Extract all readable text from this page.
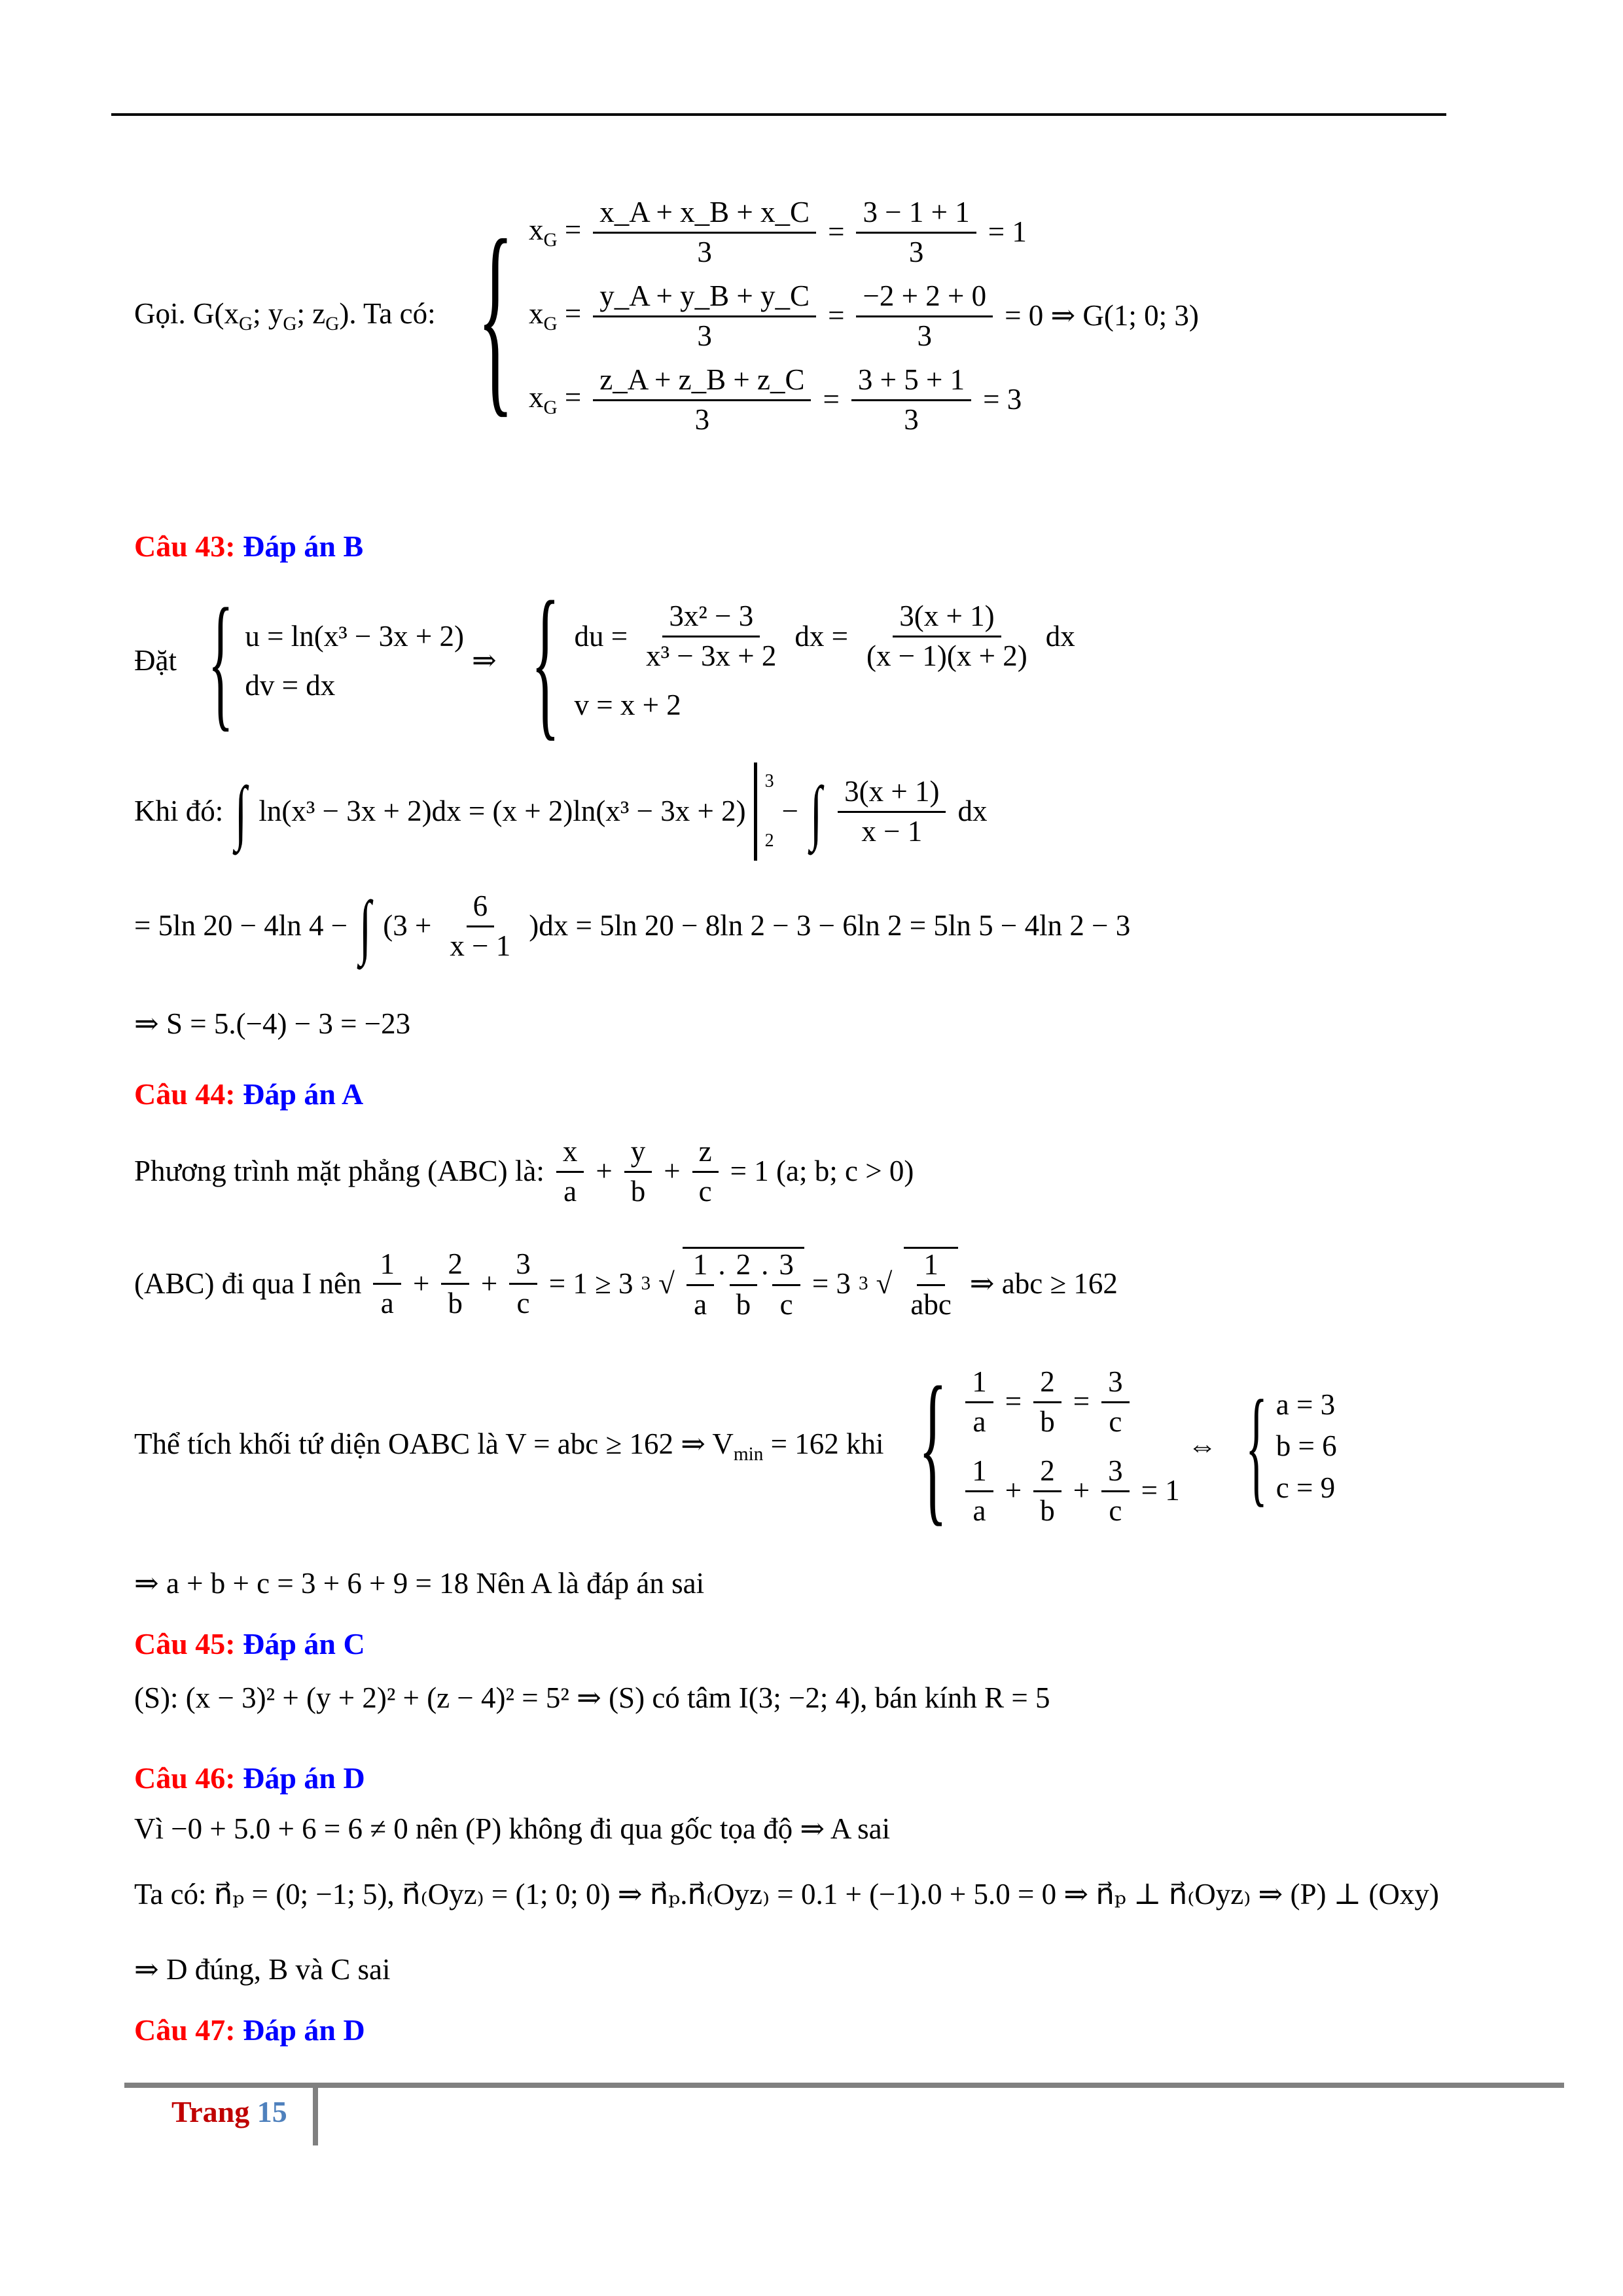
Gọi. $G(x_G$; $y_G$; $z_G$). Ta có: { $x_G = \frac{x\_A + x\_B + x\_C}{3} = \frac{3 - 1 + 1}{3} = 1$
$x_G = \frac{y\_A + y\_B + y\_C}{3} = \frac{-2 + 2 + 0}{3} = 0$ ⇒ G(1; 0; 3)
$x_G = \frac{z\_A + z\_B + z\_C}{3} = \frac{3 + 5 + 1}{3} = 3$
Câu 43: Đáp án B
Đặt { u = ln(x³ − 3x + 2)
dv = dx
⇒ { du = $\frac{\text{3x² − 3}}{\text{x³ − 3x + 2}}$ dx = $\frac{3(x + 1)}{(x - 1)(x + 2)}$ dx
v = x + 2
Khi đó: ∫ ln(x³ − 3x + 2)dx = (x + 2)ln(x³ − 3x + 2)
3
2
− ∫ $\frac{3(x + 1)}{x - 1}$ dx
= 5ln 20 − 4ln 4 − ∫ $(3 + \frac{6}{x - 1} )dx = 5\ln$ 20 − 8ln 2 − 3 − 6ln 2 = 5ln 5 − 4ln 2 − 3
⇒ S = 5.(−4) − 3 = −23
Câu 44: Đáp án A
Phương trình mặt phẳng (ABC) là: $\frac{x}{a} + \frac{y}{b} + \frac{z}{c} = 1$ (a; b; c > 0)
(ABC) đi qua I nên $\frac{1}{a} + \frac{2}{b} + \frac{3}{c} = 1 \ge 3$ 3 √ $\frac{1}{a}$ . $\frac{2}{b}$ . $\frac{3}{c} = 3$ 3 √ $\frac{1}{\text{abc}}$ ⇒ abc ≥ 162
Thể tích khối tứ diện OABC là V = abc ≥ 162 ⇒ $V_{min} = 162$ khi { $\frac{1}{a} = \frac{2}{b} = \frac{3}{c}$
$\frac{1}{a} + \frac{2}{b} + \frac{3}{c} = 1$
⇔ { a = 3
b = 6
c = 9
⇒ a + b + c = 3 + 6 + 9 = 18 Nên A là đáp án sai
Câu 45: Đáp án C
(S): (x − 3)² + (y + 2)² + (z − 4)² = 5² ⇒ (S) có tâm I(3; −2; 4), bán kính R = 5
Câu 46: Đáp án D
Vì −0 + 5.0 + 6 = 6 ≠ 0 nên (P) không đi qua gốc tọa độ ⇒ A sai
Ta có: n⃗ₚ = (0; −1; 5), n⃗₍Oyz₎ = (1; 0; 0) ⇒ n⃗ₚ.n⃗₍Oyz₎ = 0.1 + (−1).0 + 5.0 = 0 ⇒ n⃗ₚ ⊥ n⃗₍Oyz₎ ⇒ (P) ⊥ (Oxy)
⇒ D đúng, B và C sai
Câu 47: Đáp án D
Trang 15
